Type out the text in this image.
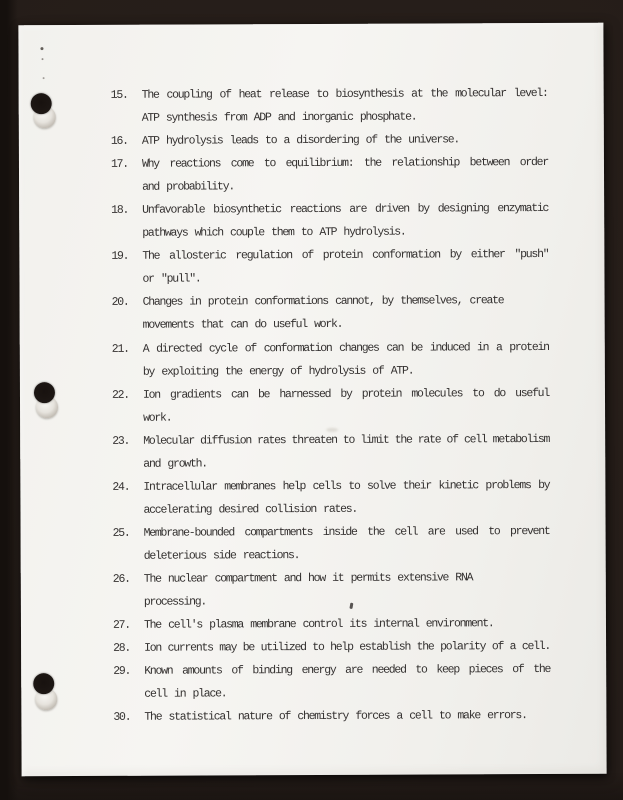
15.	The coupling of heat release to biosynthesis at the molecular level:
ATP synthesis from ADP and inorganic phosphate.
16.	ATP hydrolysis leads to a disordering of the universe.
17.	Why reactions come to equilibrium: the relationship between order
and probability.
18.	Unfavorable biosynthetic reactions are driven by designing enzymatic
pathways which couple them to ATP hydrolysis.
19.	The allosteric regulation of protein conformation by either "push"
or "pull".
20.	Changes in protein conformations cannot, by themselves, create
movements that can do useful work.
21.	A directed cycle of conformation changes can be induced in a protein
by exploiting the energy of hydrolysis of ATP.
22.	Ion gradients can be harnessed by protein molecules to do useful
work.
23.	Molecular diffusion rates threaten to limit the rate of cell metabolism
and growth.
24.	Intracellular membranes help cells to solve their kinetic problems by
accelerating desired collision rates.
25.	Membrane-bounded compartments inside the cell are used to prevent
deleterious side reactions.
26.	The nuclear compartment and how it permits extensive RNA
processing.
27.	The cell's plasma membrane control its internal environment.
28.	Ion currents may be utilized to help establish the polarity of a cell.
29.	Known amounts of binding energy are needed to keep pieces of the
cell in place.
30.	The statistical nature of chemistry forces a cell to make errors.
